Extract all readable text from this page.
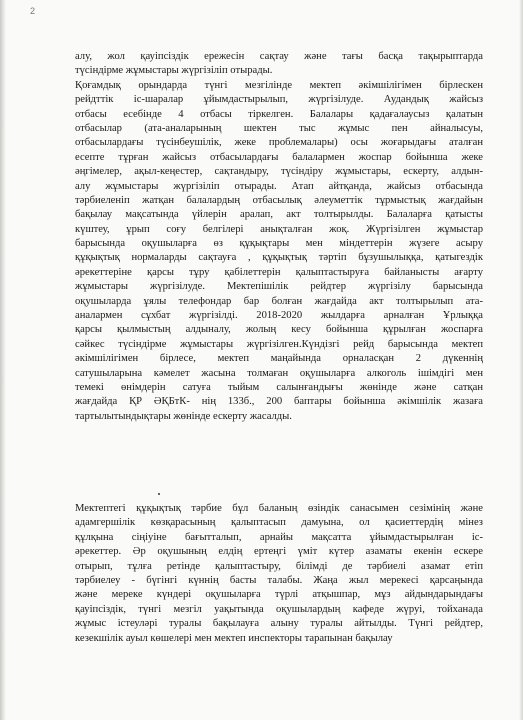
2
алу, жол қауіпсіздік ережесін сақтау және тағы басқа тақырыптарда
түсіндірме жұмыстары жүргізіліп отырады.
Қоғамдық орындарда түнгі мезгілінде мектеп әкімшілігімен бірлескен
рейдттік іс-шаралар ұйымдастырылып, жүргізілуде. Аудандық жайсыз
отбасы есебінде 4 отбасы тіркелген. Балалары қадағалаусыз қалатын
отбасылар (ата-аналарының шектен тыс жұмыс пен айналысуы,
отбасылардағы түсінбеушілік, жеке проблемалары) осы жоғарыдағы аталған
есепте тұрған жайсыз отбасылардағы балалармен жоспар бойынша жеке
әңгімелер, ақыл-кеңестер, сақтандыру, түсіндіру жұмыстары, ескерту, алдын-
алу жұмыстары жүргізіліп отырады. Атап айтқанда, жайсыз отбасында
тәрбиеленіп жатқан балалардың отбасылық әлеуметтік тұрмыстық жағдайын
бақылау мақсатында үйлерін аралап, акт толтырылды. Балаларға қатысты
күштеу, ұрып соғу белгілері анықталған жоқ. Жүргізілген жұмыстар
барысында оқушыларға өз құқықтары мен міндеттерін жүзеге асыру
құқықтық нормаларды сақтауға , құқықтық тәртіп бұзушылыққа, қатыгездік
әрекеттеріне қарсы тұру қабілеттерін қалыптастыруға байланысты ағарту
жұмыстары жүргізілуде. Мектепішілік рейдтер жүргізілу барысында
оқушыларда ұялы телефондар бар болған жағдайда акт толтырылып ата-
аналармен сұхбат жүргізілді. 2018-2020 жылдарға арналған Ұрлыққа
қарсы қылмыстың алдыналу, жолың кесу бойынша құрылған жоспарға
сәйкес түсіндірме жұмыстары жүргізілген.Күндізгі рейд барысында мектеп
әкімшілігімен бірлесе, мектеп маңайында орналасқан 2 дүкеннің
сатушыларына кәмелет жасына толмаған оқушыларға алкоголь ішімдігі мен
темекі өнімдерін сатуға тыйым салынғандығы жөнінде және сатқан
жағдайда ҚР ӘҚБтК- нің 133б., 200 баптары бойынша әкімшілік жазаға
тартылытындықтары жөнінде ескерту жасалды.
Мектептегі құқықтық тәрбие бұл баланың өзіндік санасымен сезімінің және
адамгершілік көзқарасының қалыптасып дамуына, ол қасиеттердің мінез
құлқына сіңіуіне бағытталып, арнайы мақсатта ұйымдастырылған іс-
әрекеттер. Әр оқушының елдің ертеңгі үміт күтер азаматы екенін ескере
отырып, тұлға ретінде қалыптастыру, білімді де тәрбиелі азамат етіп
тәрбиелеу - бүгінгі күннің басты талабы. Жаңа жыл мерекесі қарсаңында
және мереке күндері оқушыларға түрлі атқышпар, мұз айдындарындағы
қауіпсіздік, түнгі мезгіл уақытында оқушылардың кафеде жүруі, тойханада
жұмыс істеуләрі туралы бақылауға алыну туралы айтылды. Түнгі рейдтер,
кезекшілік ауыл көшелері мен мектеп инспекторы тарапынан бақылау
